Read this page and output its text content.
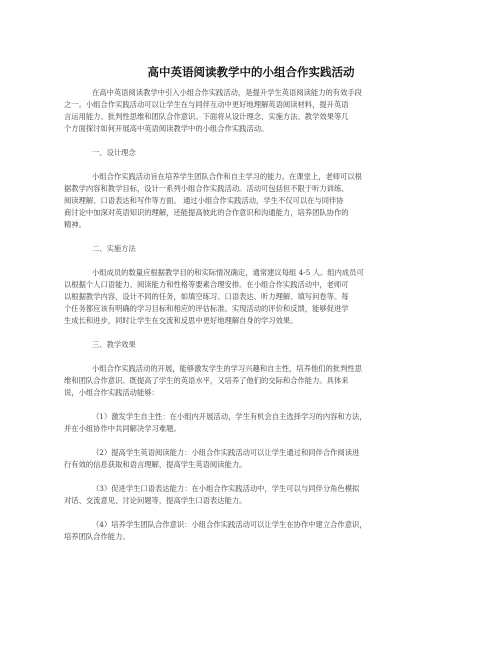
高中英语阅读教学中的小组合作实践活动

在高中英语阅读教学中引入小组合作实践活动，是提升学生英语阅读能力的有效手段

之一。小组合作实践活动可以让学生在与同伴互动中更好地理解英语阅读材料，提升英语

言运用能力、批判性思维和团队合作意识。下面将从设计理念、实施方法、教学效果等几

个方面探讨如何开展高中英语阅读教学中的小组合作实践活动。

一、设计理念

小组合作实践活动旨在培养学生团队合作和自主学习的能力。在课堂上，老师可以根

据教学内容和教学目标，设计一系列小组合作实践活动。活动可包括但不限于听力训练、

阅读理解、口语表达和写作等方面。 通过小组合作实践活动，学生不仅可以在与同伴协

商讨论中加深对英语知识的理解，还能提高彼此的合作意识和沟通能力，培养团队协作的

精神。

二、实施方法

小组成员的数量应根据教学目的和实际情况确定，通常建议每组 4-5 人。组内成员可

以根据个人口语能力、阅读能力和性格等要素合理安排。在小组合作实践活动中，老师可

以根据教学内容，设计不同的任务，如填空练习、口语表达、听力理解、填写问卷等。每

个任务都应该有明确的学习目标和相应的评估标准。实现活动的评价和反馈，能够促进学

生成长和进步，同时让学生在交流和反思中更好地理解自身的学习效果。

三、教学效果

小组合作实践活动的开展，能够激发学生的学习兴趣和自主性，培养他们的批判性思

维和团队合作意识。既提高了学生的英语水平，又培养了他们的交际和合作能力。具体来

说，小组合作实践活动能够：

（1）激发学生自主性：在小组内开展活动，学生有机会自主选择学习的内容和方法，

并在小组协作中共同解决学习难题。

（2）提高学生英语阅读能力：小组合作实践活动可以让学生通过和同伴合作阅读进

行有效的信息获取和语言理解，提高学生英语阅读能力。

（3）促进学生口语表达能力：在小组合作实践活动中，学生可以与同伴分角色模拟

对话、交流意见、讨论问题等，提高学生口语表达能力。

（4）培养学生团队合作意识：小组合作实践活动可以让学生在协作中建立合作意识，

培养团队合作能力。
